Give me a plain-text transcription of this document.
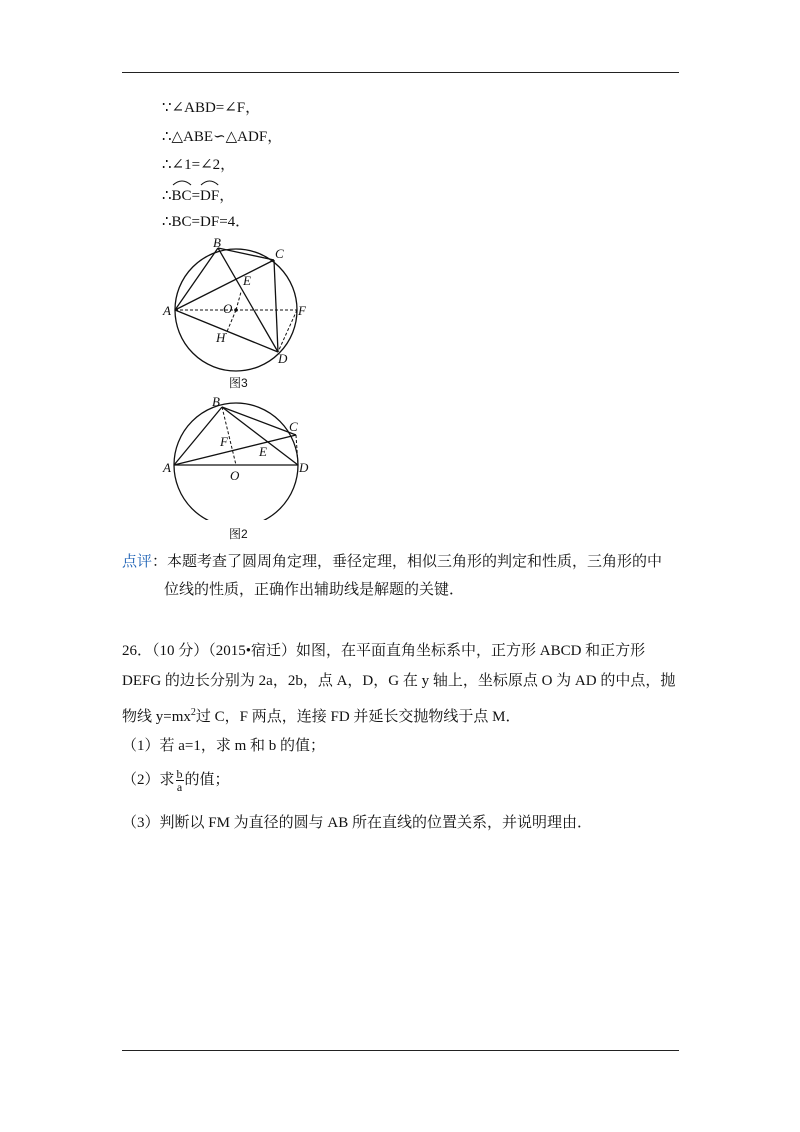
∵∠ABD=∠F，
∴△ABE∽△ADF，
∴∠1=∠2，
∴
BC=
DF，
∴BC=DF=4．
B
C
E
A	O	F
H
D
图3
B
C
F
E
A
O
D
图2
点评：本题考查了圆周角定理，垂径定理，相似三角形的判定和性质，三角形的中
位线的性质，正确作出辅助线是解题的关键．
26．（10 分）（2015•宿迁）如图，在平面直角坐标系中，正方形 ABCD 和正方形
DEFG 的边长分别为 2a，2b，点 A，D，G 在 y 轴上，坐标原点 O 为 AD 的中点，抛
物线 $y=mx^2$过 C，F 两点，连接 FD 并延长交抛物线于点 M．
（1）若 a=1，求 m 和 b 的值；
（2）求 $\frac{b}{a}$ 的值；
（3）判断以 FM 为直径的圆与 AB 所在直线的位置关系，并说明理由．
